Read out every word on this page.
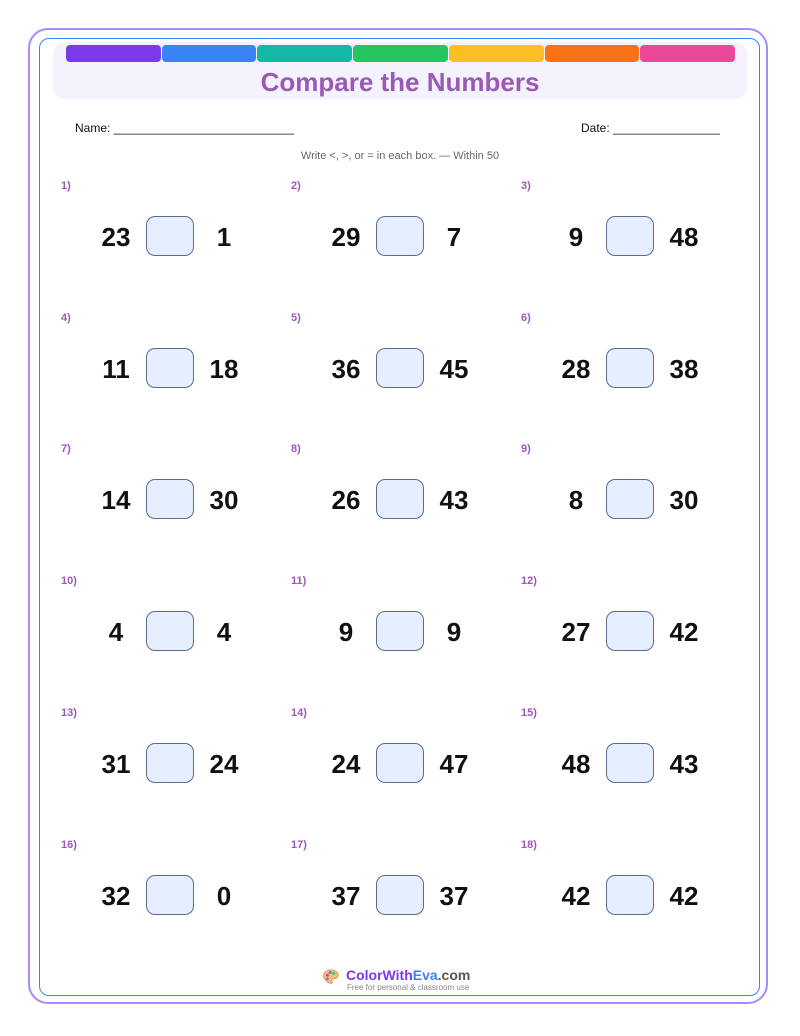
Compare the Numbers
Name: ___________________________	Date: ________________
Write <, >, or = in each box. — Within 50
1)
23	1
2)
29	7
3)
9	48
4)
11	18
5)
36	45
6)
28	38
7)
14	30
8)
26	43
9)
8	30
10)
4	4
11)
9	9
12)
27	42
13)
31	24
14)
24	47
15)
48	43
16)
32	0
17)
37	37
18)
42	42
ColorWithEva.com
Free for personal & classroom use
